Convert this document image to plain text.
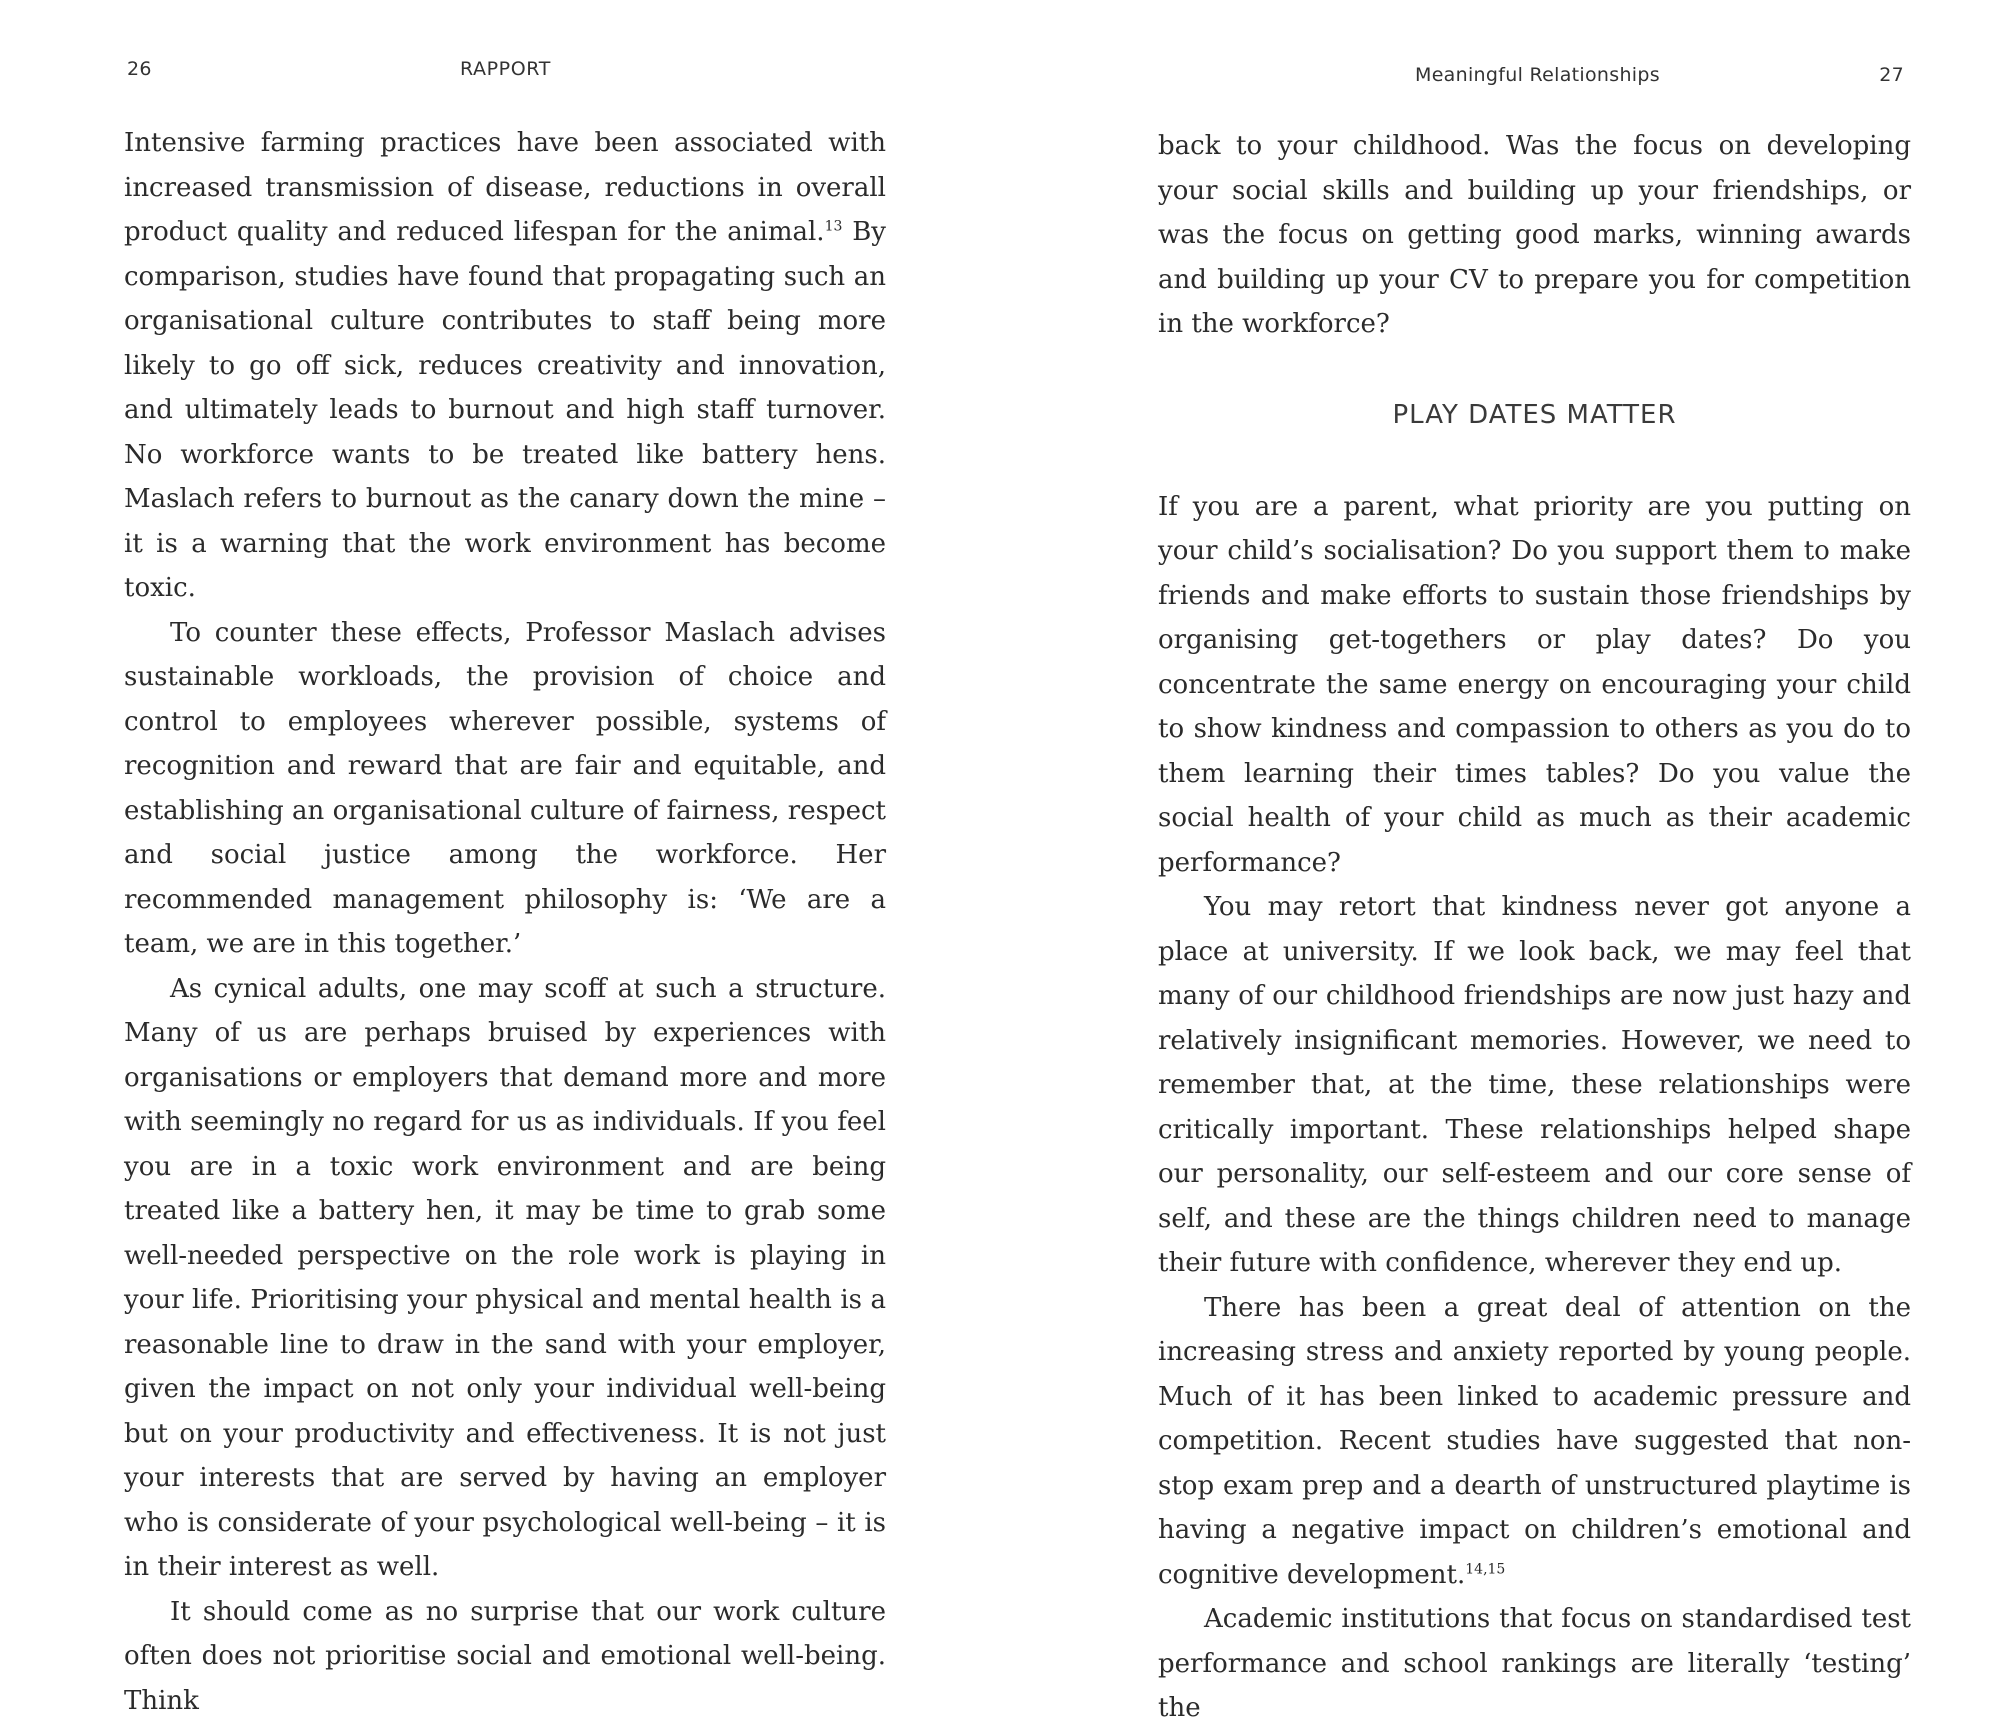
26	RAPPORT

Intensive farming practices have been associated with increased transmission of disease, reductions in overall product quality and reduced lifespan for the animal.$^{13}$ By comparison, studies have found that propagating such an organisational culture contributes to staff being more likely to go off sick, reduces creativity and innovation, and ultimately leads to burnout and high staff turnover. No workforce wants to be treated like battery hens. Maslach refers to burnout as the canary down the mine – it is a warning that the work environment has become toxic.

To counter these effects, Professor Maslach advises sustainable workloads, the provision of choice and control to employees wherever possible, systems of recognition and reward that are fair and equitable, and establishing an organisational culture of fairness, respect and social justice among the workforce. Her recommended management philosophy is: ‘We are a team, we are in this together.’

As cynical adults, one may scoff at such a structure. Many of us are perhaps bruised by experiences with organisations or employers that demand more and more with seemingly no regard for us as individuals. If you feel you are in a toxic work environment and are being treated like a battery hen, it may be time to grab some well-needed perspective on the role work is playing in your life. Prioritising your physical and mental health is a reasonable line to draw in the sand with your employer, given the impact on not only your individual well-being but on your productivity and effectiveness. It is not just your interests that are served by having an employer who is considerate of your psychological well-being – it is in their interest as well.

It should come as no surprise that our work culture often does not prioritise social and emotional well-being. Think

Meaningful Relationships	27

back to your childhood. Was the focus on developing your social skills and building up your friendships, or was the focus on getting good marks, winning awards and building up your CV to prepare you for competition in the workforce?

PLAY DATES MATTER

If you are a parent, what priority are you putting on your child’s socialisation? Do you support them to make friends and make efforts to sustain those friendships by organising get-togethers or play dates? Do you concentrate the same energy on encouraging your child to show kindness and compassion to others as you do to them learning their times tables? Do you value the social health of your child as much as their academic performance?

You may retort that kindness never got anyone a place at university. If we look back, we may feel that many of our childhood friendships are now just hazy and relatively insignificant memories. However, we need to remember that, at the time, these relationships were critically important. These relationships helped shape our personality, our self-esteem and our core sense of self, and these are the things children need to manage their future with confidence, wherever they end up.

There has been a great deal of attention on the increasing stress and anxiety reported by young people. Much of it has been linked to academic pressure and competition. Recent studies have suggested that non-stop exam prep and a dearth of unstructured playtime is having a negative impact on children’s emotional and cognitive development.$^{14,15}$

Academic institutions that focus on standardised test performance and school rankings are literally ‘testing’ the
